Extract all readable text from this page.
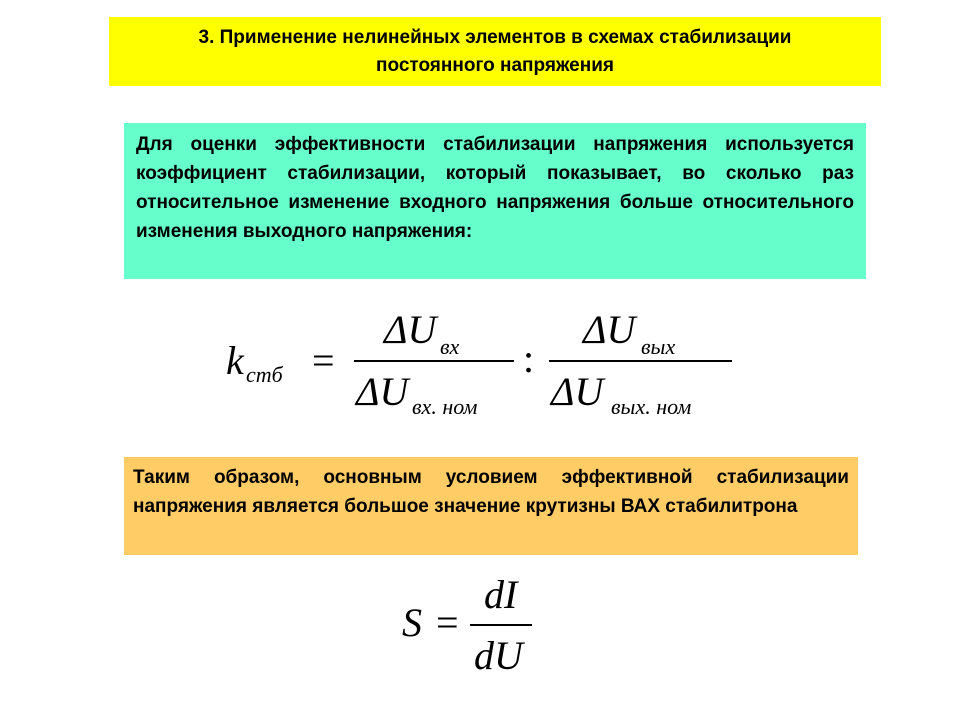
3. Применение нелинейных элементов в схемах стабилизации
постоянного напряжения

Для оценки эффективности стабилизации напряжения используется коэффициент стабилизации, который показывает, во сколько раз относительное изменение входного напряжения больше относительного изменения выходного напряжения:

k стб =
ΔU вх
ΔU вх. ном
:
ΔU вых
ΔU вых. ном

Таким образом, основным условием эффективной стабилизации напряжения является большое значение крутизны ВАХ стабилитрона

S =
dI
dU
